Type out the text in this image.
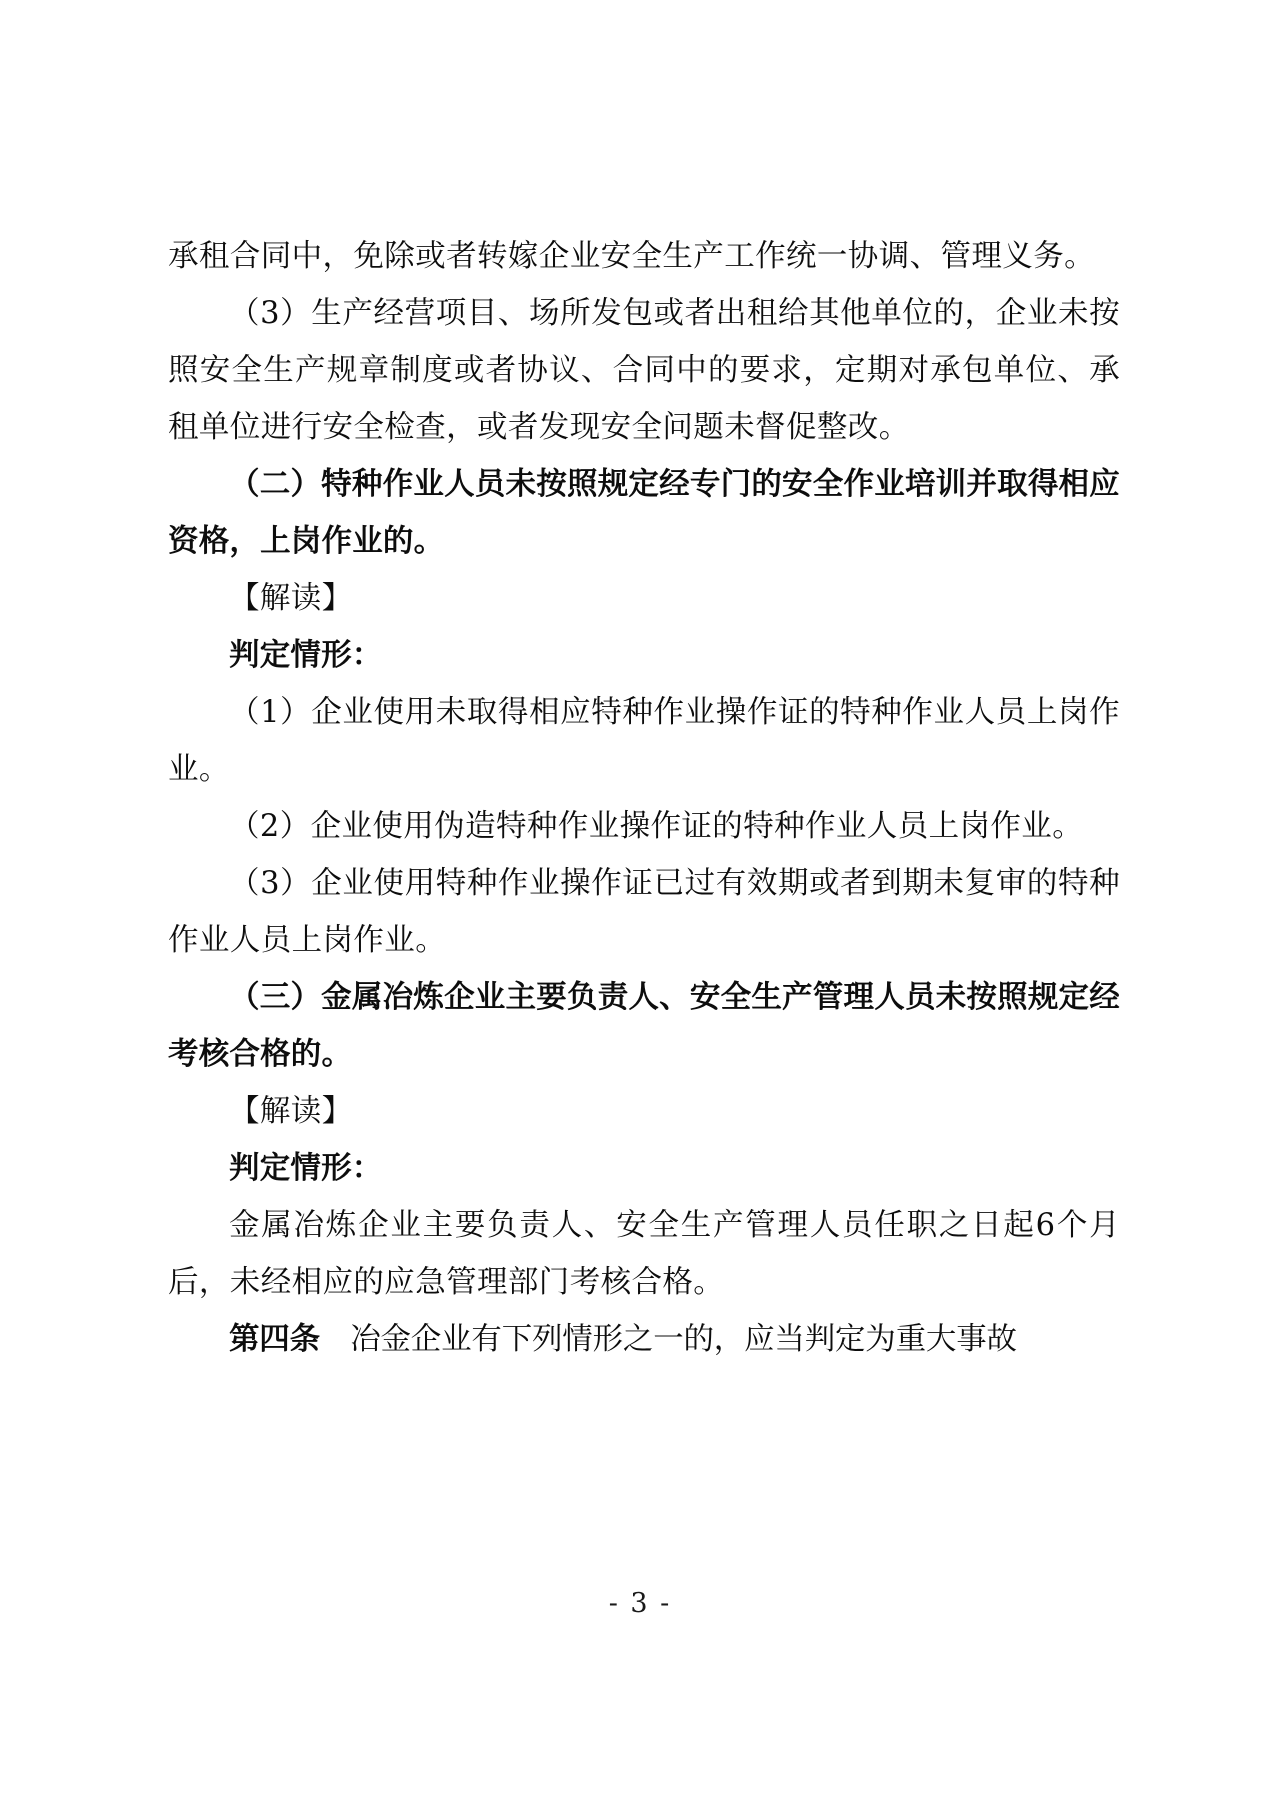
承租合同中，免除或者转嫁企业安全生产工作统一协调、管理义务。

（3）生产经营项目、场所发包或者出租给其他单位的，企业未按照安全生产规章制度或者协议、合同中的要求，定期对承包单位、承租单位进行安全检查，或者发现安全问题未督促整改。

（二）特种作业人员未按照规定经专门的安全作业培训并取得相应资格，上岗作业的。

【解读】

判定情形：

（1）企业使用未取得相应特种作业操作证的特种作业人员上岗作业。

（2）企业使用伪造特种作业操作证的特种作业人员上岗作业。

（3）企业使用特种作业操作证已过有效期或者到期未复审的特种作业人员上岗作业。

（三）金属冶炼企业主要负责人、安全生产管理人员未按照规定经考核合格的。

【解读】

判定情形：

金属冶炼企业主要负责人、安全生产管理人员任职之日起6个月后，未经相应的应急管理部门考核合格。

第四条　冶金企业有下列情形之一的，应当判定为重大事故

- 3 -
